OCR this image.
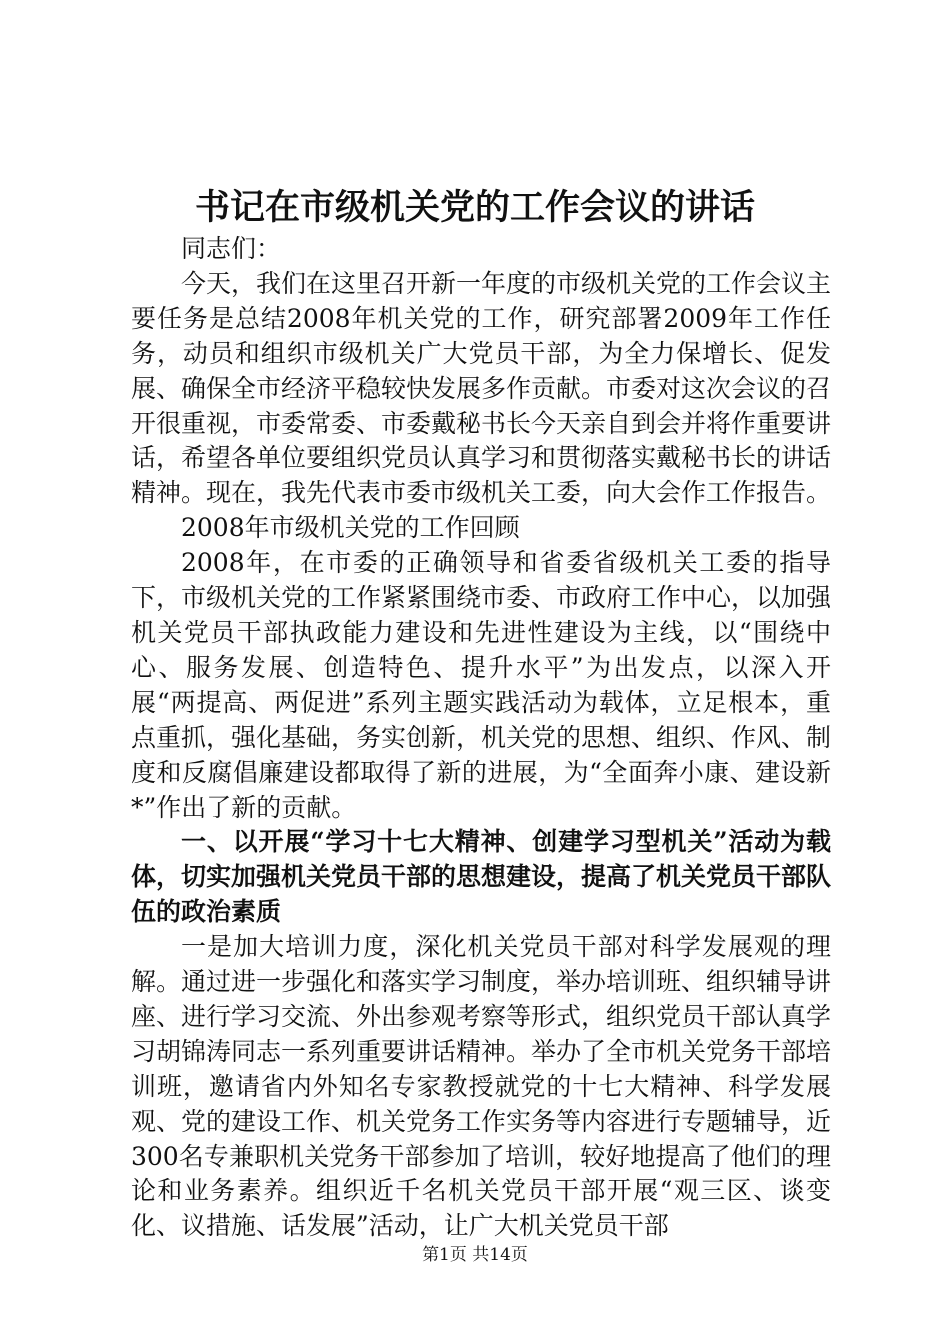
书记在市级机关党的工作会议的讲话

同志们：

今天，我们在这里召开新一年度的市级机关党的工作会议主要任务是总结2008年机关党的工作，研究部署2009年工作任务，动员和组织市级机关广大党员干部，为全力保增长、促发展、确保全市经济平稳较快发展多作贡献。市委对这次会议的召开很重视，市委常委、市委戴秘书长今天亲自到会并将作重要讲话，希望各单位要组织党员认真学习和贯彻落实戴秘书长的讲话精神。现在，我先代表市委市级机关工委，向大会作工作报告。

2008年市级机关党的工作回顾

2008年，在市委的正确领导和省委省级机关工委的指导下，市级机关党的工作紧紧围绕市委、市政府工作中心，以加强机关党员干部执政能力建设和先进性建设为主线，以“围绕中心、服务发展、创造特色、提升水平”为出发点，以深入开展“两提高、两促进”系列主题实践活动为载体，立足根本，重点重抓，强化基础，务实创新，机关党的思想、组织、作风、制度和反腐倡廉建设都取得了新的进展，为“全面奔小康、建设新*”作出了新的贡献。

一、以开展“学习十七大精神、创建学习型机关”活动为载体，切实加强机关党员干部的思想建设，提高了机关党员干部队伍的政治素质

一是加大培训力度，深化机关党员干部对科学发展观的理解。通过进一步强化和落实学习制度，举办培训班、组织辅导讲座、进行学习交流、外出参观考察等形式，组织党员干部认真学习胡锦涛同志一系列重要讲话精神。举办了全市机关党务干部培训班，邀请省内外知名专家教授就党的十七大精神、科学发展观、党的建设工作、机关党务工作实务等内容进行专题辅导，近300名专兼职机关党务干部参加了培训，较好地提高了他们的理论和业务素养。组织近千名机关党员干部开展“观三区、谈变化、议措施、话发展”活动，让广大机关党员干部

第1页 共14页
